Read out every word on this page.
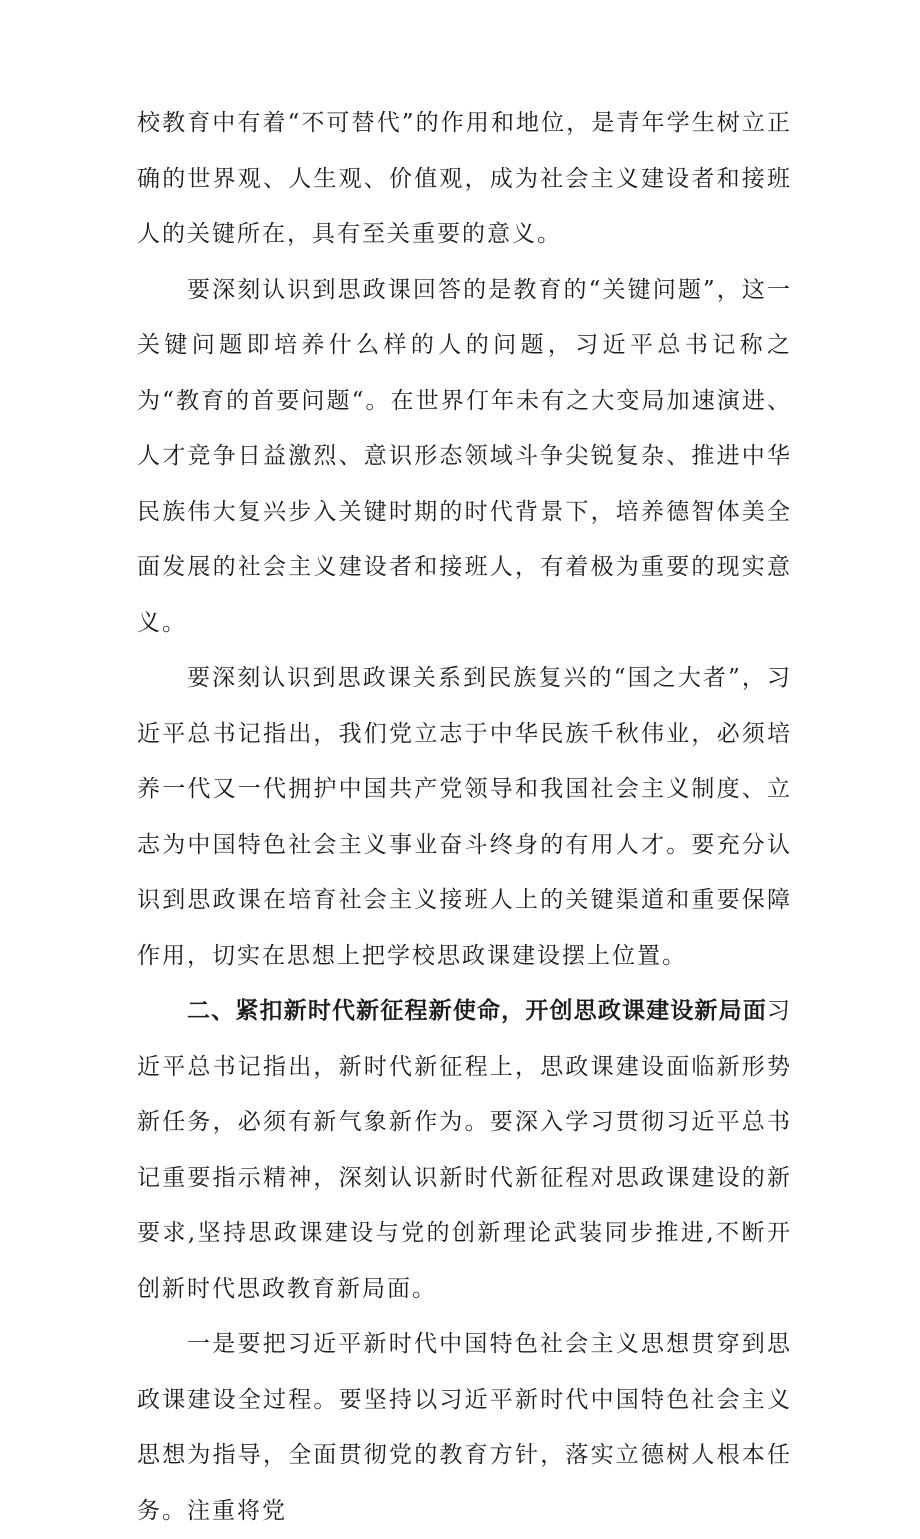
校教育中有着“不可替代”的作用和地位，是青年学生树立正确的世界观、人生观、价值观，成为社会主义建设者和接班人的关键所在，具有至关重要的意义。

要深刻认识到思政课回答的是教育的“关键问题”，这一关键问题即培养什么样的人的问题，习近平总书记称之为“教育的首要问题“。在世界仃年未有之大变局加速演进、人才竞争日益激烈、意识形态领域斗争尖锐复杂、推进中华民族伟大复兴步入关键时期的时代背景下，培养德智体美全面发展的社会主义建设者和接班人，有着极为重要的现实意义。

要深刻认识到思政课关系到民族复兴的“国之大者”，习近平总书记指出，我们党立志于中华民族千秋伟业，必须培养一代又一代拥护中国共产党领导和我国社会主义制度、立志为中国特色社会主义事业奋斗终身的有用人才。要充分认识到思政课在培育社会主义接班人上的关键渠道和重要保障作用，切实在思想上把学校思政课建设摆上位置。

二、紧扣新时代新征程新使命，开创思政课建设新局面习近平总书记指出，新时代新征程上，思政课建设面临新形势新任务，必须有新气象新作为。要深入学习贯彻习近平总书记重要指示精神，深刻认识新时代新征程对思政课建设的新要求,坚持思政课建设与党的创新理论武装同步推进,不断开创新时代思政教育新局面。

一是要把习近平新时代中国特色社会主义思想贯穿到思政课建设全过程。要坚持以习近平新时代中国特色社会主义思想为指导，全面贯彻党的教育方针，落实立德树人根本任务。注重将党
